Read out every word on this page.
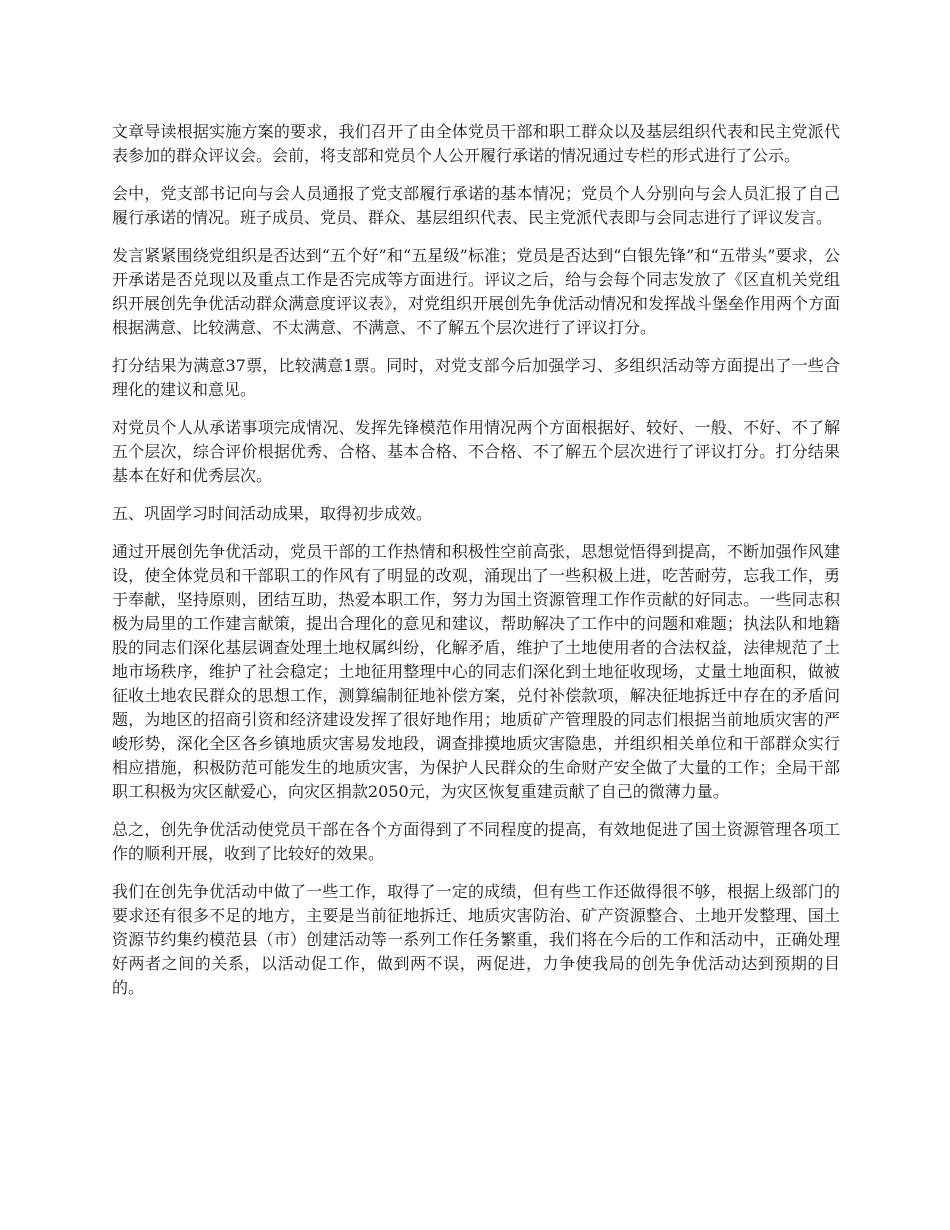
文章导读根据实施方案的要求，我们召开了由全体党员干部和职工群众以及基层组织代表和民主党派代表参加的群众评议会。会前，将支部和党员个人公开履行承诺的情况通过专栏的形式进行了公示。

会中，党支部书记向与会人员通报了党支部履行承诺的基本情况；党员个人分别向与会人员汇报了自己履行承诺的情况。班子成员、党员、群众、基层组织代表、民主党派代表即与会同志进行了评议发言。

发言紧紧围绕党组织是否达到“五个好”和“五星级”标准；党员是否达到“白银先锋”和“五带头”要求，公开承诺是否兑现以及重点工作是否完成等方面进行。评议之后，给与会每个同志发放了《区直机关党组织开展创先争优活动群众满意度评议表》，对党组织开展创先争优活动情况和发挥战斗堡垒作用两个方面根据满意、比较满意、不太满意、不满意、不了解五个层次进行了评议打分。

打分结果为满意37票，比较满意1票。同时，对党支部今后加强学习、多组织活动等方面提出了一些合理化的建议和意见。

对党员个人从承诺事项完成情况、发挥先锋模范作用情况两个方面根据好、较好、一般、不好、不了解五个层次，综合评价根据优秀、合格、基本合格、不合格、不了解五个层次进行了评议打分。打分结果基本在好和优秀层次。

五、巩固学习时间活动成果，取得初步成效。

通过开展创先争优活动，党员干部的工作热情和积极性空前高张，思想觉悟得到提高，不断加强作风建设，使全体党员和干部职工的作风有了明显的改观，涌现出了一些积极上进，吃苦耐劳，忘我工作，勇于奉献，坚持原则，团结互助，热爱本职工作，努力为国土资源管理工作作贡献的好同志。一些同志积极为局里的工作建言献策，提出合理化的意见和建议，帮助解决了工作中的问题和难题；执法队和地籍股的同志们深化基层调查处理土地权属纠纷，化解矛盾，维护了土地使用者的合法权益，法律规范了土地市场秩序，维护了社会稳定；土地征用整理中心的同志们深化到土地征收现场，丈量土地面积，做被征收土地农民群众的思想工作，测算编制征地补偿方案，兑付补偿款项，解决征地拆迁中存在的矛盾问题，为地区的招商引资和经济建设发挥了很好地作用；地质矿产管理股的同志们根据当前地质灾害的严峻形势，深化全区各乡镇地质灾害易发地段，调查排摸地质灾害隐患，并组织相关单位和干部群众实行相应措施，积极防范可能发生的地质灾害，为保护人民群众的生命财产安全做了大量的工作；全局干部职工积极为灾区献爱心，向灾区捐款2050元，为灾区恢复重建贡献了自己的微薄力量。

总之，创先争优活动使党员干部在各个方面得到了不同程度的提高，有效地促进了国土资源管理各项工作的顺利开展，收到了比较好的效果。

我们在创先争优活动中做了一些工作，取得了一定的成绩，但有些工作还做得很不够，根据上级部门的要求还有很多不足的地方，主要是当前征地拆迁、地质灾害防治、矿产资源整合、土地开发整理、国土资源节约集约模范县（市）创建活动等一系列工作任务繁重，我们将在今后的工作和活动中，正确处理好两者之间的关系，以活动促工作，做到两不误，两促进，力争使我局的创先争优活动达到预期的目的。
